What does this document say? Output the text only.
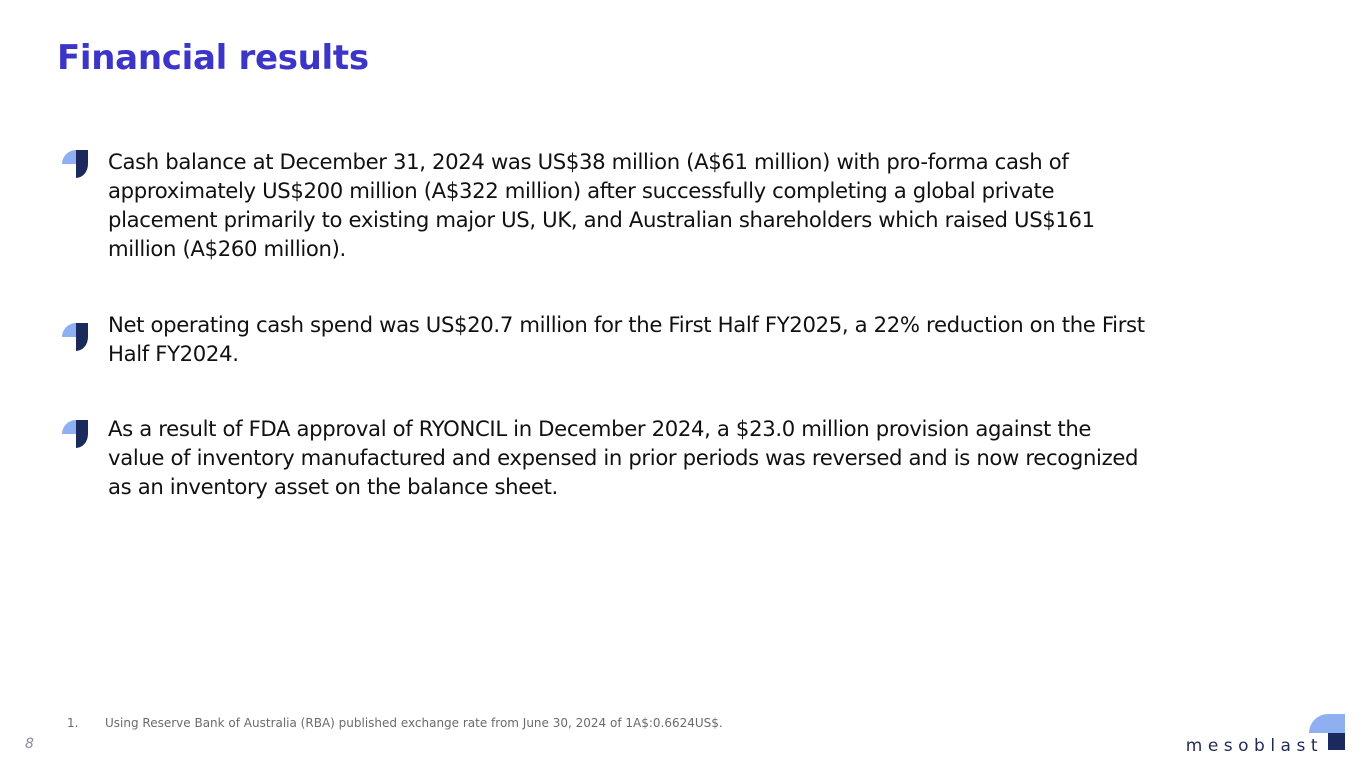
Financial results
Cash balance at December 31, 2024 was US$38 million (A$61 million) with pro-forma cash of approximately US$200 million (A$322 million) after successfully completing a global private placement primarily to existing major US, UK, and Australian shareholders which raised US$161 million (A$260 million).
Net operating cash spend was US$20.7 million for the First Half FY2025, a 22% reduction on the First Half FY2024.
As a result of FDA approval of RYONCIL in December 2024, a $23.0 million provision against the value of inventory manufactured and expensed in prior periods was reversed and is now recognized as an inventory asset on the balance sheet.
1. Using Reserve Bank of Australia (RBA) published exchange rate from June 30, 2024 of 1A$:0.6624US$.
8	mesoblast
